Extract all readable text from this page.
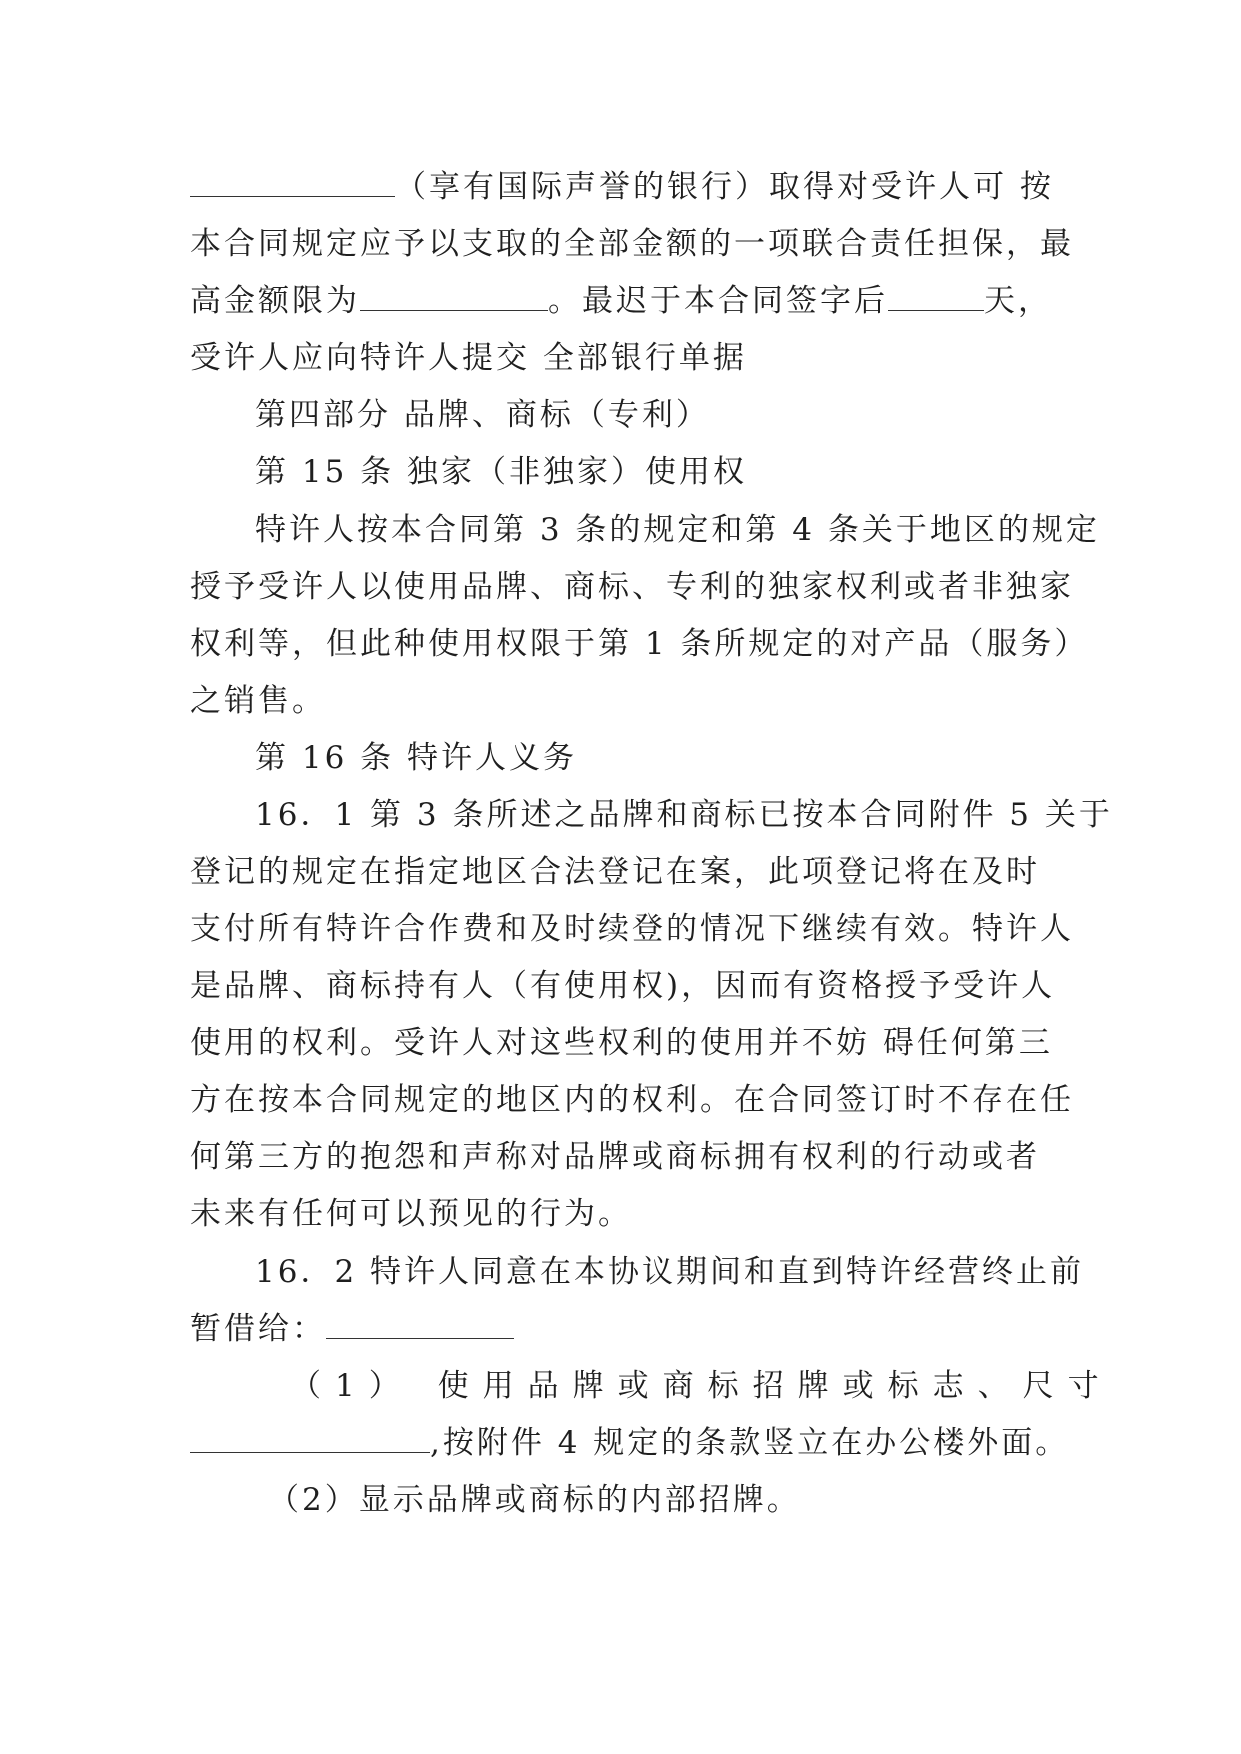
（享有国际声誉的银行）取得对受许人可 按
本合同规定应予以支取的全部金额的一项联合责任担保，最
高金额限为	。最迟于本合同签字后	天，
受许人应向特许人提交 全部银行单据
第四部分 品牌、商标（专利）
第 15 条 独家（非独家）使用权
特许人按本合同第 3 条的规定和第 4 条关于地区的规定
授予受许人以使用品牌、商标、专利的独家权利或者非独家
权利等，但此种使用权限于第 1 条所规定的对产品（服务）
之销售。
第 16 条 特许人义务
16．1 第 3 条所述之品牌和商标已按本合同附件 5 关于
登记的规定在指定地区合法登记在案，此项登记将在及时
支付所有特许合作费和及时续登的情况下继续有效。特许人
是品牌、商标持有人（有使用权)，因而有资格授予受许人
使用的权利。受许人对这些权利的使用并不妨 碍任何第三
方在按本合同规定的地区内的权利。在合同签订时不存在任
何第三方的抱怨和声称对品牌或商标拥有权利的行动或者
未来有任何可以预见的行为。
16．2 特许人同意在本协议期间和直到特许经营终止前
暂借给：
（1） 使用品牌或商标招牌或标志、尺寸
,按附件 4 规定的条款竖立在办公楼外面。
（2）显示品牌或商标的内部招牌。
